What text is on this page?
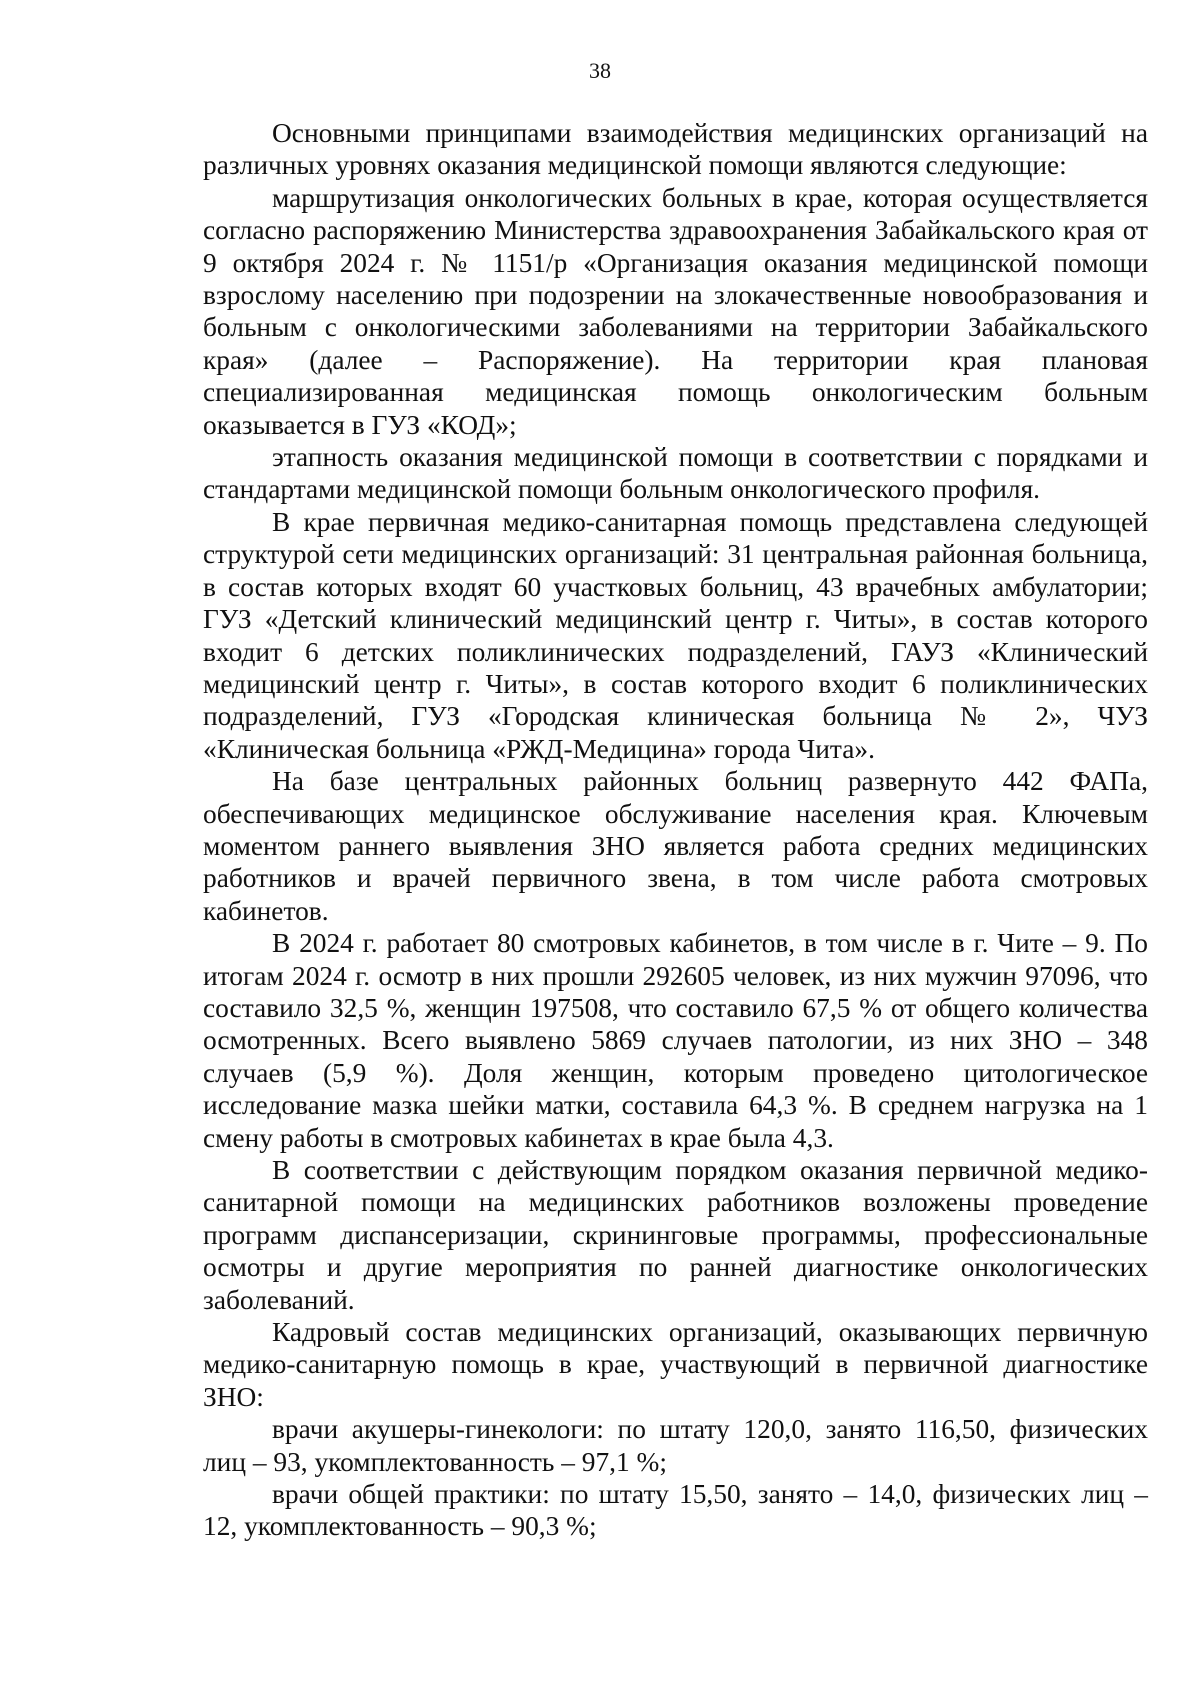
38

Основными принципами взаимодействия медицинских организаций на различных уровнях оказания медицинской помощи являются следующие:

маршрутизация онкологических больных в крае, которая осуществляется согласно распоряжению Министерства здравоохранения Забайкальского края от 9 октября 2024 г. № 1151/р «Организация оказания медицинской помощи взрослому населению при подозрении на злокачественные новообразования и больным с онкологическими заболеваниями на территории Забайкальского края» (далее – Распоряжение). На территории края плановая специализированная медицинская помощь онкологическим больным оказывается в ГУЗ «КОД»;

этапность оказания медицинской помощи в соответствии с порядками и стандартами медицинской помощи больным онкологического профиля.

В крае первичная медико-санитарная помощь представлена следующей структурой сети медицинских организаций: 31 центральная районная больница, в состав которых входят 60 участковых больниц, 43 врачебных амбулатории; ГУЗ «Детский клинический медицинский центр г. Читы», в состав которого входит 6 детских поликлинических подразделений, ГАУЗ «Клинический медицинский центр г. Читы», в состав которого входит 6 поликлинических подразделений, ГУЗ «Городская клиническая больница № 2», ЧУЗ «Клиническая больница «РЖД-Медицина» города Чита».

На базе центральных районных больниц развернуто 442 ФАПа, обеспечивающих медицинское обслуживание населения края. Ключевым моментом раннего выявления ЗНО является работа средних медицинских работников и врачей первичного звена, в том числе работа смотровых кабинетов.

В 2024 г. работает 80 смотровых кабинетов, в том числе в г. Чите – 9. По итогам 2024 г. осмотр в них прошли 292605 человек, из них мужчин 97096, что составило 32,5 %, женщин 197508, что составило 67,5 % от общего количества осмотренных. Всего выявлено 5869 случаев патологии, из них ЗНО – 348 случаев (5,9 %). Доля женщин, которым проведено цитологическое исследование мазка шейки матки, составила 64,3 %. В среднем нагрузка на 1 смену работы в смотровых кабинетах в крае была 4,3.

В соответствии с действующим порядком оказания первичной медико-санитарной помощи на медицинских работников возложены проведение программ диспансеризации, скрининговые программы, профессиональные осмотры и другие мероприятия по ранней диагностике онкологических заболеваний.

Кадровый состав медицинских организаций, оказывающих первичную медико-санитарную помощь в крае, участвующий в первичной диагностике ЗНО:

врачи акушеры-гинекологи: по штату 120,0, занято 116,50, физических лиц – 93, укомплектованность – 97,1 %;

врачи общей практики: по штату 15,50, занято – 14,0, физических лиц – 12, укомплектованность – 90,3 %;
